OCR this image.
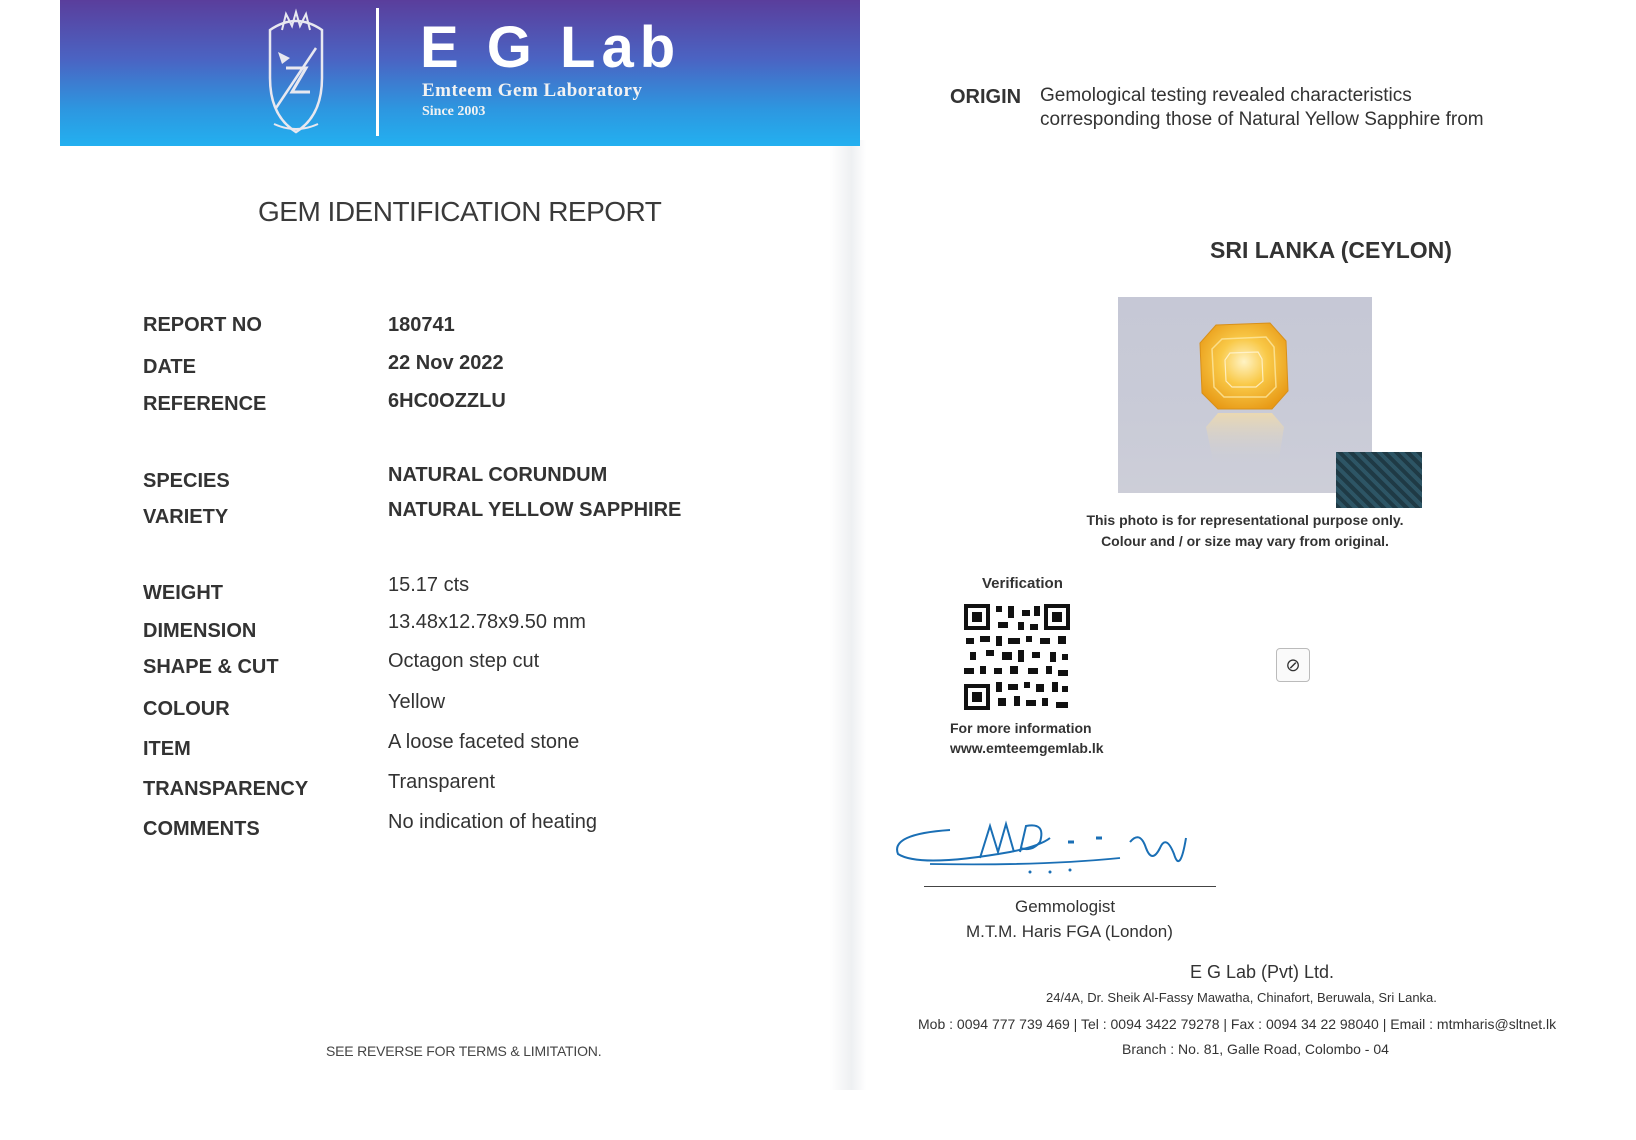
E G Lab
Emteem Gem Laboratory
Since 2003
GEM IDENTIFICATION REPORT
REPORT NO	180741
DATE	22 Nov 2022
REFERENCE	6HC0OZZLU
SPECIES	NATURAL CORUNDUM
VARIETY	NATURAL YELLOW SAPPHIRE
WEIGHT	15.17 cts
DIMENSION	13.48x12.78x9.50 mm
SHAPE & CUT	Octagon step cut
COLOUR	Yellow
ITEM	A loose faceted stone
TRANSPARENCY	Transparent
COMMENTS	No indication of heating
SEE REVERSE FOR TERMS & LIMITATION.
ORIGIN Gemological testing revealed characteristics
corresponding those of Natural Yellow Sapphire from
SRI LANKA (CEYLON)
This photo is for representational purpose only.
Colour and / or size may vary from original.
Verification
For more information
www.emteemgemlab.lk
Gemmologist
M.T.M. Haris FGA (London)
E G Lab (Pvt) Ltd.
24/4A, Dr. Sheik Al-Fassy Mawatha, Chinafort, Beruwala, Sri Lanka.
Mob : 0094 777 739 469 | Tel : 0094 3422 79278 | Fax : 0094 34 22 98040 | Email : mtmharis@sltnet.lk
Branch : No. 81, Galle Road, Colombo - 04
⊘
